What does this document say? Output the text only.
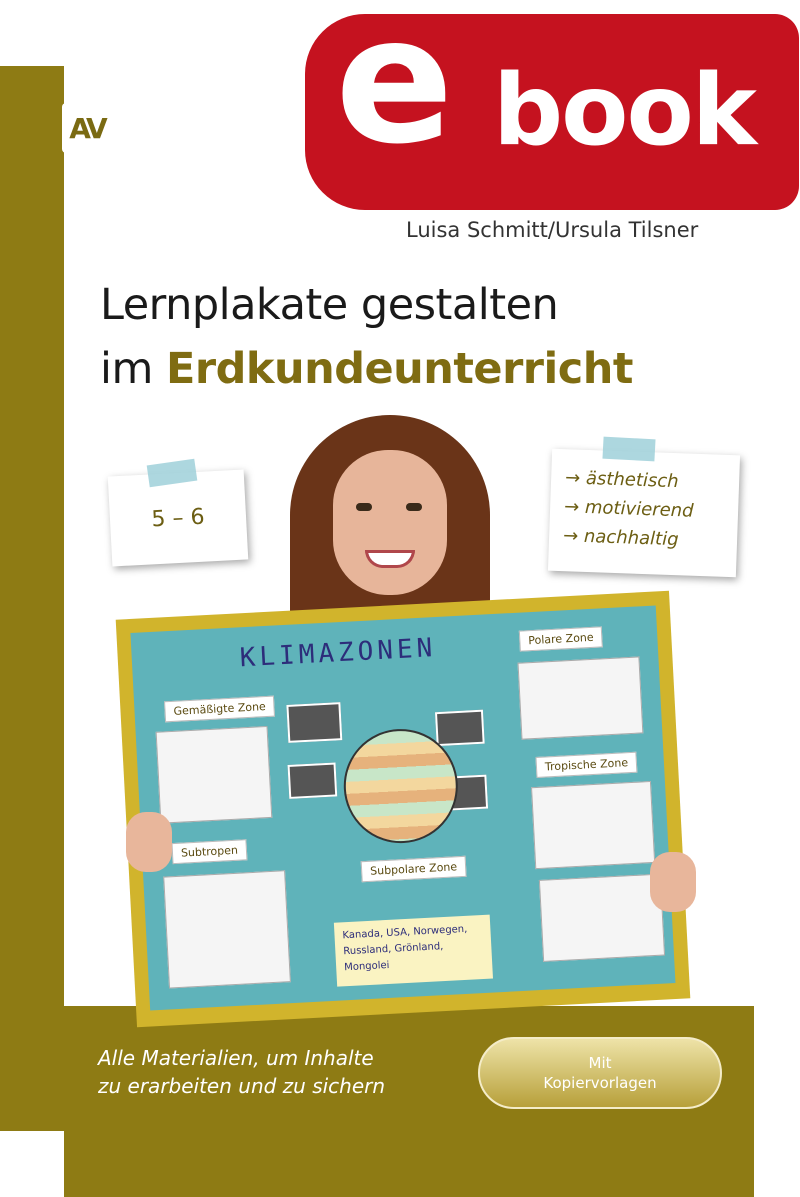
AV Auer e book
Luisa Schmitt/Ursula Tilsner
Lernplakate gestalten
im Erdkundeunterricht
5 – 6
→ ästhetisch
→ motivierend
→ nachhaltig
KLIMAZONEN
Gemäßigte Zone
Polare Zone
Subtropen
Tropische Zone
Subpolare Zone
Kanada, USA, Norwegen, Russland, Grönland, Mongolei
Alle Materialien, um Inhalte
zu erarbeiten und zu sichern
Mit
Kopiervorlagen
